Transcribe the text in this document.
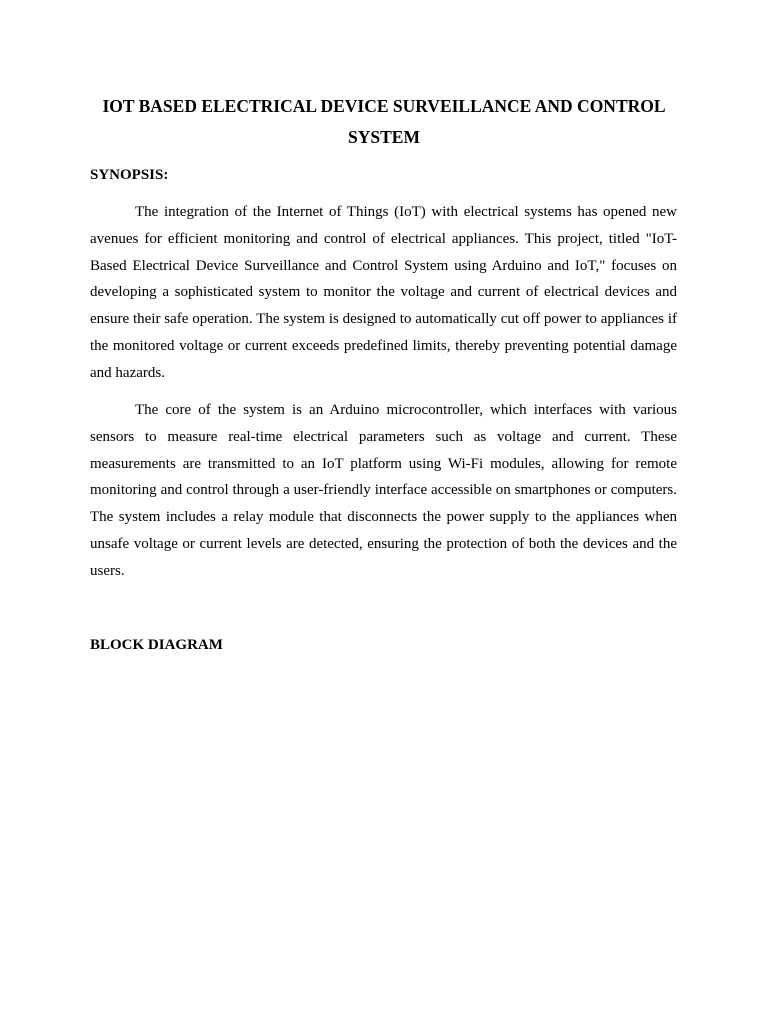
IOT BASED ELECTRICAL DEVICE SURVEILLANCE AND CONTROL SYSTEM
SYNOPSIS:

The integration of the Internet of Things (IoT) with electrical systems has opened new avenues for efficient monitoring and control of electrical appliances. This project, titled "IoT-Based Electrical Device Surveillance and Control System using Arduino and IoT," focuses on developing a sophisticated system to monitor the voltage and current of electrical devices and ensure their safe operation. The system is designed to automatically cut off power to appliances if the monitored voltage or current exceeds predefined limits, thereby preventing potential damage and hazards.

The core of the system is an Arduino microcontroller, which interfaces with various sensors to measure real-time electrical parameters such as voltage and current. These measurements are transmitted to an IoT platform using Wi-Fi modules, allowing for remote monitoring and control through a user-friendly interface accessible on smartphones or computers. The system includes a relay module that disconnects the power supply to the appliances when unsafe voltage or current levels are detected, ensuring the protection of both the devices and the users.

BLOCK DIAGRAM
